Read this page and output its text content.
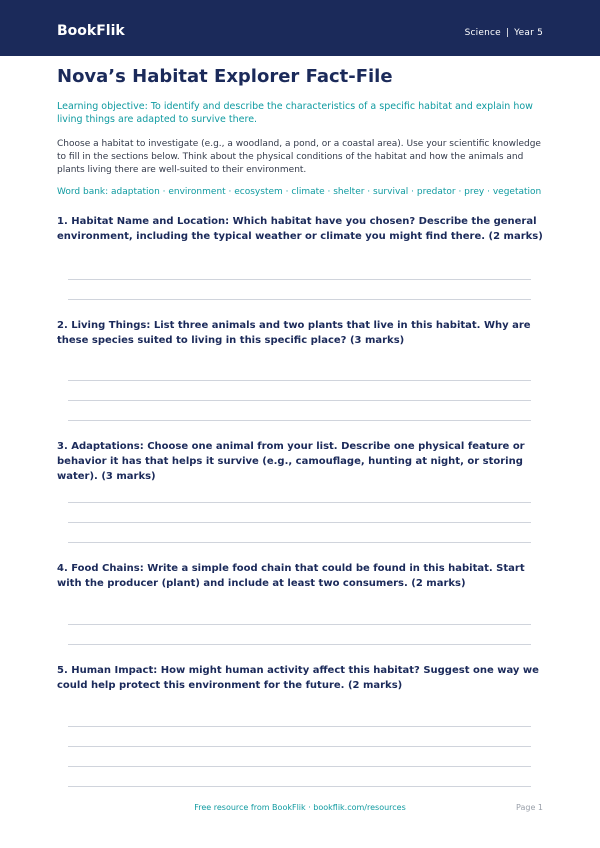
BookFlik	Science | Year 5
Nova’s Habitat Explorer Fact-File
Learning objective: To identify and describe the characteristics of a specific habitat and explain how living things are adapted to survive there.
Choose a habitat to investigate (e.g., a woodland, a pond, or a coastal area). Use your scientific knowledge to fill in the sections below. Think about the physical conditions of the habitat and how the animals and plants living there are well-suited to their environment.
Word bank: adaptation · environment · ecosystem · climate · shelter · survival · predator · prey · vegetation
1. Habitat Name and Location: Which habitat have you chosen? Describe the general environment, including the typical weather or climate you might find there. (2 marks)
2. Living Things: List three animals and two plants that live in this habitat. Why are these species suited to living in this specific place? (3 marks)
3. Adaptations: Choose one animal from your list. Describe one physical feature or behavior it has that helps it survive (e.g., camouflage, hunting at night, or storing water). (3 marks)
4. Food Chains: Write a simple food chain that could be found in this habitat. Start with the producer (plant) and include at least two consumers. (2 marks)
5. Human Impact: How might human activity affect this habitat? Suggest one way we could help protect this environment for the future. (2 marks)
Free resource from BookFlik · bookflik.com/resources	Page 1
